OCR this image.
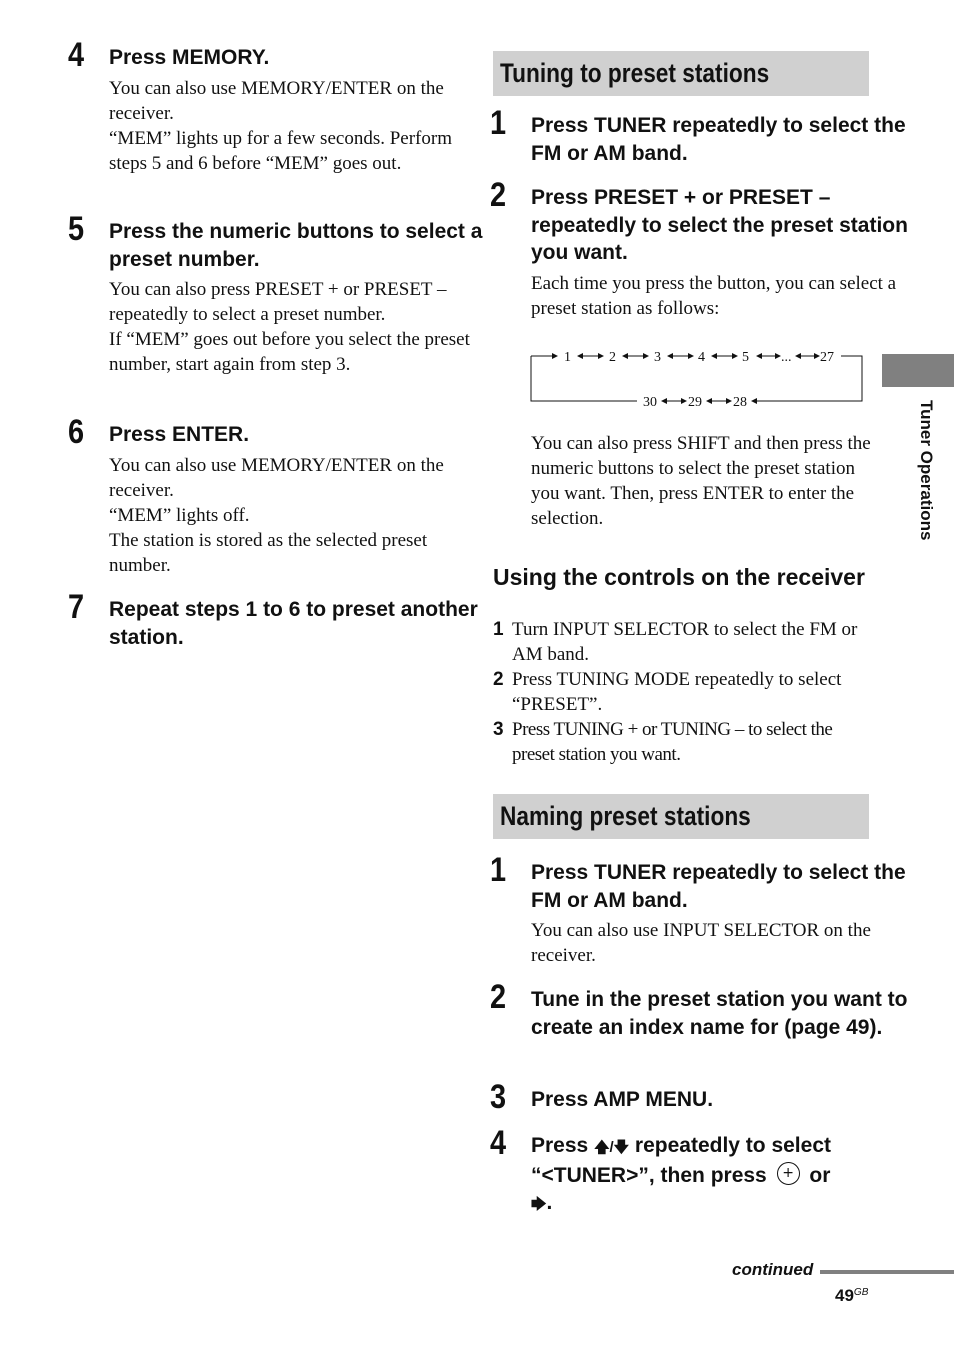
4 Press MEMORY.

You can also use MEMORY/ENTER on the receiver.

“MEM” lights up for a few seconds. Perform steps 5 and 6 before “MEM” goes out.

5 Press the numeric buttons to select a preset number.

You can also press PRESET + or PRESET – repeatedly to select a preset number.

If “MEM” goes out before you select the preset number, start again from step 3.

6 Press ENTER.

You can also use MEMORY/ENTER on the receiver.

“MEM” lights off.

The station is stored as the selected preset number.

7 Repeat steps 1 to 6 to preset another station.
Tuning to preset stations
1 Press TUNER repeatedly to select the FM or AM band.
2 Press PRESET + or PRESET – repeatedly to select the preset station you want.

Each time you press the button, you can select a preset station as follows:

1	2	3	4	5 ... 27
30 29 28
You can also press SHIFT and then press the numeric buttons to select the preset station you want. Then, press ENTER to enter the selection.
Using the controls on the receiver
1 Turn INPUT SELECTOR to select the FM or AM band.
2 Press TUNING MODE repeatedly to select “PRESET”.
3 Press TUNING + or TUNING – to select the preset station you want.
Naming preset stations
1 Press TUNER repeatedly to select the FM or AM band.

You can also use INPUT SELECTOR on the receiver.

2 Tune in the preset station you want to create an index name for (page 49).
3 Press AMP MENU.
4 Press 🡅/🡇 repeatedly to select “<TUNER>”, then press + or
🡆.
Tuner Operations
continued
$49^{GB}$
